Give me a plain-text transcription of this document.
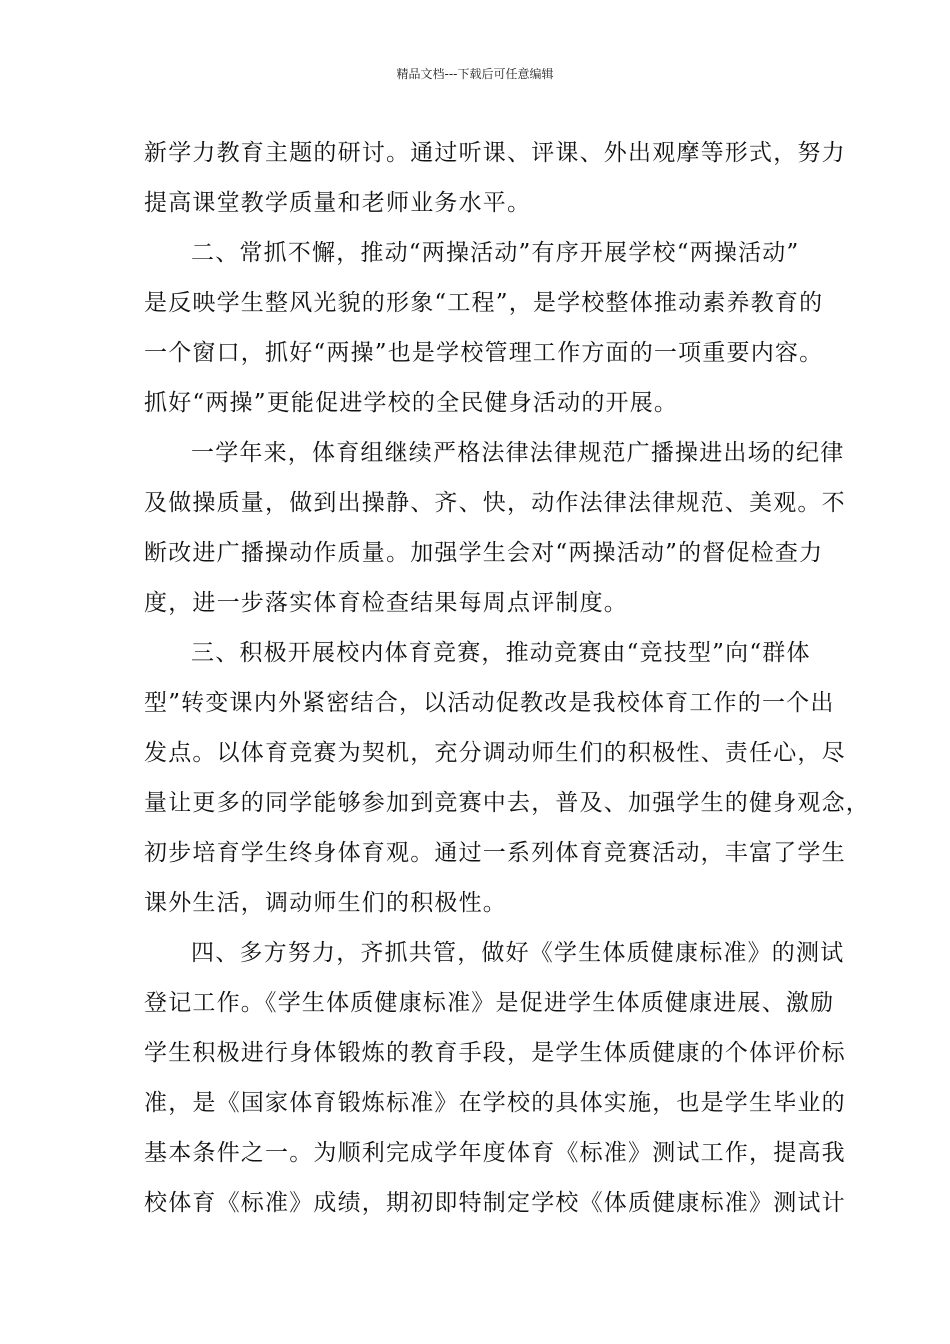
精品文档---下载后可任意编辑
新学力教育主题的研讨。通过听课、评课、外出观摩等形式，努力
提高课堂教学质量和老师业务水平。
二、常抓不懈，推动“两操活动”有序开展学校“两操活动”
是反映学生整风光貌的形象“工程”，是学校整体推动素养教育的
一个窗口，抓好“两操”也是学校管理工作方面的一项重要内容。
抓好“两操”更能促进学校的全民健身活动的开展。
一学年来，体育组继续严格法律法律规范广播操进出场的纪律
及做操质量，做到出操静、齐、快，动作法律法律规范、美观。不
断改进广播操动作质量。加强学生会对“两操活动”的督促检查力
度，进一步落实体育检查结果每周点评制度。
三、积极开展校内体育竞赛，推动竞赛由“竞技型”向“群体
型”转变课内外紧密结合，以活动促教改是我校体育工作的一个出
发点。以体育竞赛为契机，充分调动师生们的积极性、责任心，尽
量让更多的同学能够参加到竞赛中去，普及、加强学生的健身观念，
初步培育学生终身体育观。通过一系列体育竞赛活动，丰富了学生
课外生活，调动师生们的积极性。
四、多方努力，齐抓共管，做好《学生体质健康标准》的测试
登记工作。《学生体质健康标准》是促进学生体质健康进展、激励
学生积极进行身体锻炼的教育手段，是学生体质健康的个体评价标
准，是《国家体育锻炼标准》在学校的具体实施，也是学生毕业的
基本条件之一。为顺利完成学年度体育《标准》测试工作，提高我
校体育《标准》成绩，期初即特制定学校《体质健康标准》测试计
